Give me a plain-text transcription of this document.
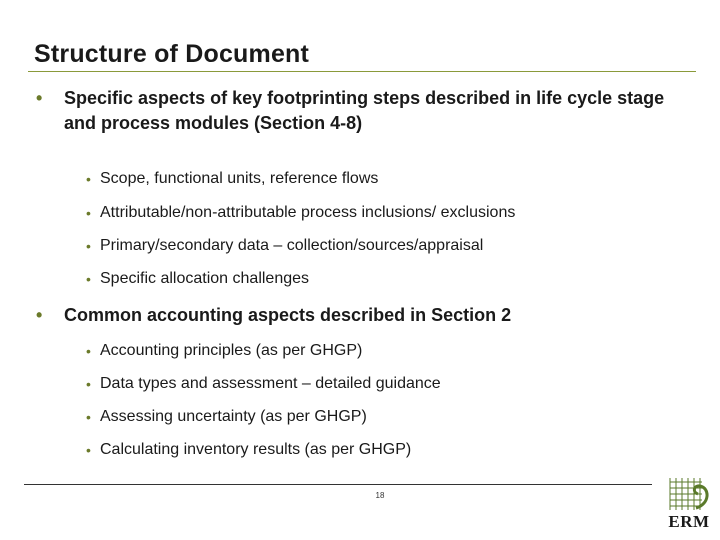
Structure of Document
• Specific aspects of key footprinting steps described in life cycle stage and process modules (Section 4-8)
• Scope, functional units, reference flows
• Attributable/non-attributable process inclusions/ exclusions
• Primary/secondary data – collection/sources/appraisal
• Specific allocation challenges
• Common accounting aspects described in Section 2
• Accounting principles (as per GHGP)
• Data types and assessment – detailed guidance
• Assessing uncertainty (as per GHGP)
• Calculating inventory results (as per GHGP)
18
ERM
